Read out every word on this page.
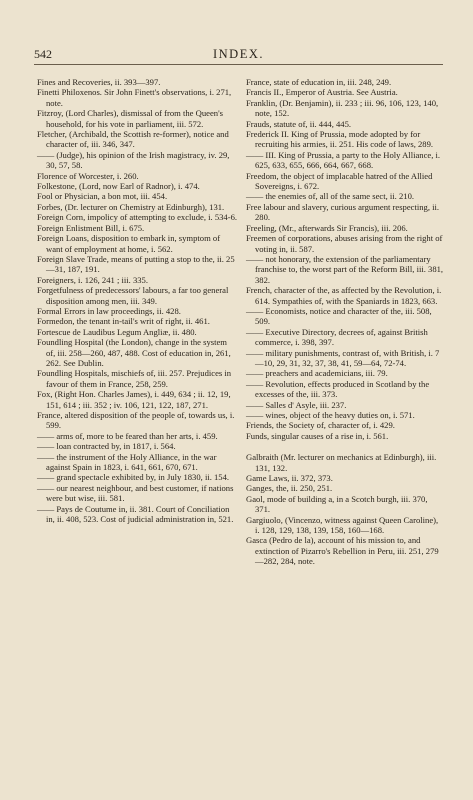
542	INDEX.

Fines and Recoveries, ii. 393—397.

Finetti Philoxenos. Sir John Finett's observations, i. 271, note.

Fitzroy, (Lord Charles), dismissal of from the Queen's household, for his vote in parliament, iii. 572.

Fletcher, (Archibald, the Scottish re-former), notice and character of, iii. 346, 347.

—— (Judge), his opinion of the Irish magistracy, iv. 29, 30, 57, 58.

Florence of Worcester, i. 260.

Folkestone, (Lord, now Earl of Radnor), i. 474.

Fool or Physician, a bon mot, iii. 454.

Forbes, (Dr. lecturer on Chemistry at Edinburgh), 131.

Foreign Corn, impolicy of attempting to exclude, i. 534-6.

Foreign Enlistment Bill, i. 675.

Foreign Loans, disposition to embark in, symptom of want of employment at home, i. 562.

Foreign Slave Trade, means of putting a stop to the, ii. 25—31, 187, 191.

Foreigners, i. 126, 241 ; iii. 335.

Forgetfulness of predecessors' labours, a far too general disposition among men, iii. 349.

Formal Errors in law proceedings, ii. 428.

Formedon, the tenant in-tail's writ of right, ii. 461.

Fortescue de Laudibus Legum Angliæ, ii. 480.

Foundling Hospital (the London), change in the system of, iii. 258—260, 487, 488. Cost of education in, 261, 262. See Dublin.

Foundling Hospitals, mischiefs of, iii. 257. Prejudices in favour of them in France, 258, 259.

Fox, (Right Hon. Charles James), i. 449, 634 ; ii. 12, 19, 151, 614 ; iii. 352 ; iv. 106, 121, 122, 187, 271.

France, altered disposition of the people of, towards us, i. 599.

—— arms of, more to be feared than her arts, i. 459.

—— loan contracted by, in 1817, i. 564.

—— the instrument of the Holy Alliance, in the war against Spain in 1823, i. 641, 661, 670, 671.

—— grand spectacle exhibited by, in July 1830, ii. 154.

—— our nearest neighbour, and best customer, if nations were but wise, iii. 581.

—— Pays de Coutume in, ii. 381. Court of Conciliation in, ii. 408, 523. Cost of judicial administration in, 521.

France, state of education in, iii. 248, 249.

Francis II., Emperor of Austria. See Austria.

Franklin, (Dr. Benjamin), ii. 233 ; iii. 96, 106, 123, 140, note, 152.

Frauds, statute of, ii. 444, 445.

Frederick II. King of Prussia, mode adopted by for recruiting his armies, ii. 251. His code of laws, 289.

—— III. King of Prussia, a party to the Holy Alliance, i. 625, 633, 655, 666, 664, 667, 668.

Freedom, the object of implacable hatred of the Allied Sovereigns, i. 672.

—— the enemies of, all of the same sect, ii. 210.

Free labour and slavery, curious argument respecting, ii. 280.

Freeling, (Mr., afterwards Sir Francis), iii. 206.

Freemen of corporations, abuses arising from the right of voting in, ii. 587.

—— not honorary, the extension of the parliamentary franchise to, the worst part of the Reform Bill, iii. 381, 382.

French, character of the, as affected by the Revolution, i. 614. Sympathies of, with the Spaniards in 1823, 663.

—— Economists, notice and character of the, iii. 508, 509.

—— Executive Directory, decrees of, against British commerce, i. 398, 397.

—— military punishments, contrast of, with British, i. 7—10, 29, 31, 32, 37, 38, 41, 59—64, 72-74.

—— preachers and academicians, iii. 79.

—— Revolution, effects produced in Scotland by the excesses of the, iii. 373.

—— Salles d' Asyle, iii. 237.

—— wines, object of the heavy duties on, i. 571.

Friends, the Society of, character of, i. 429.

Funds, singular causes of a rise in, i. 561.

Galbraith (Mr. lecturer on mechanics at Edinburgh), iii. 131, 132.

Game Laws, ii. 372, 373.

Ganges, the, ii. 250, 251.

Gaol, mode of building a, in a Scotch burgh, iii. 370, 371.

Gargiuolo, (Vincenzo, witness against Queen Caroline), i. 128, 129, 138, 139, 158, 160—168.

Gasca (Pedro de la), account of his mission to, and extinction of Pizarro's Rebellion in Peru, iii. 251, 279—282, 284, note.
